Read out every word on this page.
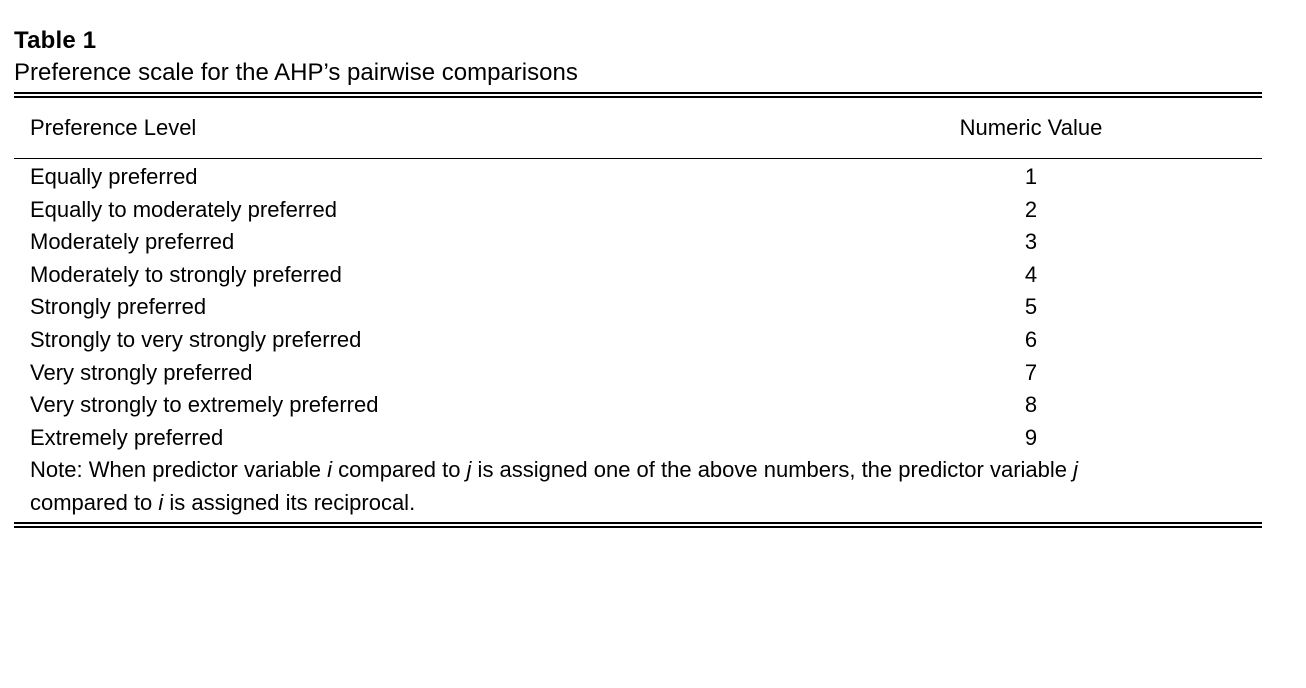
Table 1
Preference scale for the AHP’s pairwise comparisons
Preference Level	Numeric Value
Equally preferred	1
Equally to moderately preferred	2
Moderately preferred	3
Moderately to strongly preferred	4
Strongly preferred	5
Strongly to very strongly preferred	6
Very strongly preferred	7
Very strongly to extremely preferred	8
Extremely preferred	9
Note: When predictor variable i compared to j is assigned one of the above numbers, the predictor variable j
compared to i is assigned its reciprocal.
